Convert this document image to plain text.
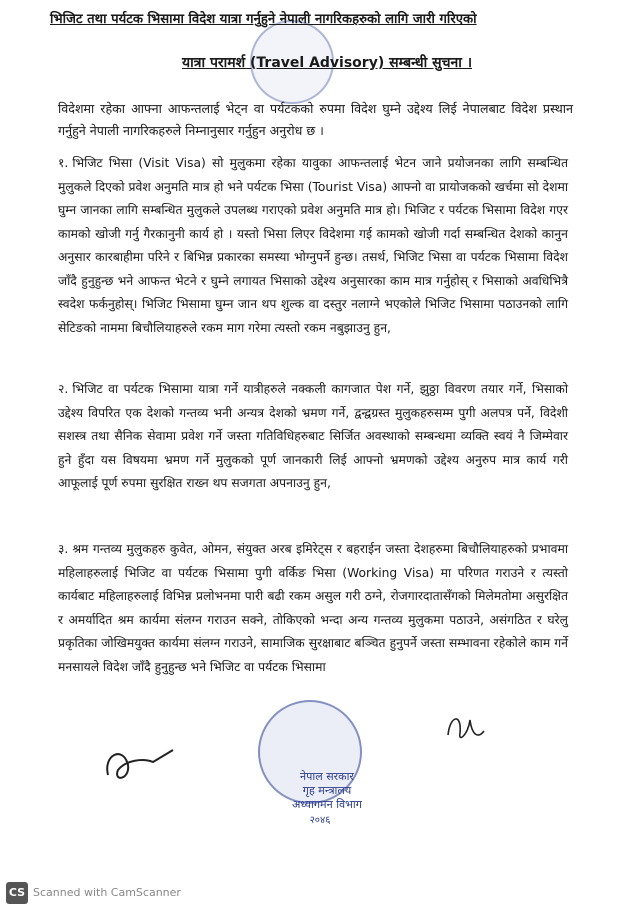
भिजिट तथा पर्यटक भिसामा विदेश यात्रा गर्नुहुने नेपाली नागरिकहरुको लागि जारी गरिएको
यात्रा परामर्श (Travel Advisory) सम्बन्धी सुचना ।
विदेशमा रहेका आफ्ना आफन्तलाई भेट्न वा पर्यटकको रुपमा विदेश घुम्ने उद्देश्य लिई नेपालबाट विदेश प्रस्थान गर्नुहुने नेपाली नागरिकहरुले निम्नानुसार गर्नुहुन अनुरोध छ ।
१. भिजिट भिसा (Visit Visa) सो मुलुकमा रहेका यावुका आफन्तलाई भेटन जाने प्रयोजनका लागि सम्बन्धित मुलुकले दिएको प्रवेश अनुमति मात्र हो भने पर्यटक भिसा (Tourist Visa) आफ्नो वा प्रायोजकको खर्चमा सो देशमा घुम्न जानका लागि सम्बन्धित मुलुकले उपलब्ध गराएको प्रवेश अनुमति मात्र हो। भिजिट र पर्यटक भिसामा विदेश गएर कामको खोजी गर्नु गैरकानुनी कार्य हो । यस्तो भिसा लिएर विदेशमा गई कामको खोजी गर्दा सम्बन्धित देशको कानुन अनुसार कारबाहीमा परिने र बिभिन्न प्रकारका समस्या भोग्नुपर्ने हुन्छ। तसर्थ, भिजिट भिसा वा पर्यटक भिसामा विदेश जाँदै हुनुहुन्छ भने आफन्त भेटने र घुम्ने लगायत भिसाको उद्देश्य अनुसारका काम मात्र गर्नुहोस् र भिसाको अवधिभित्रै स्वदेश फर्कनुहोस्। भिजिट भिसामा घुम्न जान थप शुल्क वा दस्तुर नलाग्ने भएकोले भिजिट भिसामा पठाउनको लागि सेटिङको नाममा बिचौलियाहरुले रकम माग गरेमा त्यस्तो रकम नबुझाउनु हुन,
२. भिजिट वा पर्यटक भिसामा यात्रा गर्ने यात्रीहरुले नक्कली कागजात पेश गर्ने, झुठ्ठा विवरण तयार गर्ने, भिसाको उद्देश्य विपरित एक देशको गन्तव्य भनी अन्यत्र देशको भ्रमण गर्ने, द्वन्द्वग्रस्त मुलुकहरुसम्म पुगी अलपत्र पर्ने, विदेशी सशस्त्र तथा सैनिक सेवामा प्रवेश गर्ने जस्ता गतिविधिहरुबाट सिर्जित अवस्थाको सम्बन्धमा व्यक्ति स्वयं नै जिम्मेवार हुने हुँदा यस विषयमा भ्रमण गर्ने मुलुकको पूर्ण जानकारी लिई आफ्नो भ्रमणको उद्देश्य अनुरुप मात्र कार्य गरी आफूलाई पूर्ण रुपमा सुरक्षित राख्न थप सजगता अपनाउनु हुन,
३. श्रम गन्तव्य मुलुकहरु कुवेत, ओमन, संयुक्त अरब इमिरेट्स र बहराईन जस्ता देशहरुमा बिचौलियाहरुको प्रभावमा महिलाहरुलाई भिजिट वा पर्यटक भिसामा पुगी वर्किङ भिसा (Working Visa) मा परिणत गराउने र त्यस्तो कार्यबाट महिलाहरुलाई विभिन्न प्रलोभनमा पारी बढी रकम असुल गरी ठग्ने, रोजगारदातासँगको मिलेमतोमा असुरक्षित र अमर्यादित श्रम कार्यमा संलग्न गराउन सक्ने, तोकिएको भन्दा अन्य गन्तव्य मुलुकमा पठाउने, असंगठित र घरेलु प्रकृतिका जोखिमयुक्त कार्यमा संलग्न गराउने, सामाजिक सुरक्षाबाट बञ्चित हुनुपर्ने जस्ता सम्भावना रहेकोले काम गर्ने मनसायले विदेश जाँदै हुनुहुन्छ भने भिजिट वा पर्यटक भिसामा
नेपाल सरकार
गृह मन्त्रालय
अध्यागमन विभाग
२०४६
CS Scanned with CamScanner
